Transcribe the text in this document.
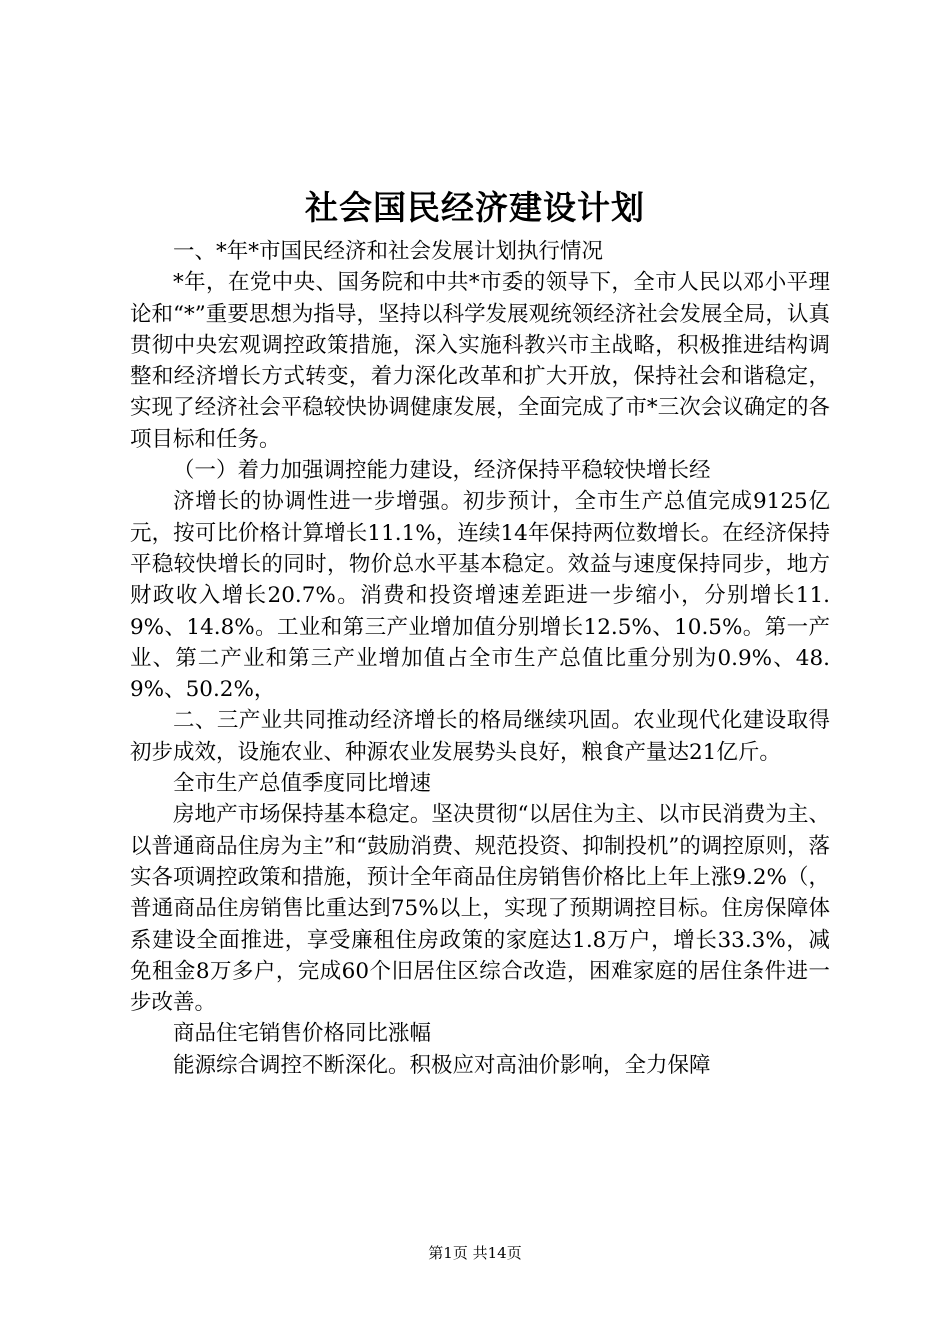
社会国民经济建设计划

一、*年*市国民经济和社会发展计划执行情况

*年，在党中央、国务院和中共*市委的领导下，全市人民以邓小平理论和“*”重要思想为指导，坚持以科学发展观统领经济社会发展全局，认真贯彻中央宏观调控政策措施，深入实施科教兴市主战略，积极推进结构调整和经济增长方式转变，着力深化改革和扩大开放，保持社会和谐稳定，实现了经济社会平稳较快协调健康发展，全面完成了市*三次会议确定的各项目标和任务。

（一）着力加强调控能力建设，经济保持平稳较快增长经

济增长的协调性进一步增强。初步预计，全市生产总值完成9125亿元，按可比价格计算增长11.1%，连续14年保持两位数增长。在经济保持平稳较快增长的同时，物价总水平基本稳定。效益与速度保持同步，地方财政收入增长20.7%。消费和投资增速差距进一步缩小，分别增长11.9%、14.8%。工业和第三产业增加值分别增长12.5%、10.5%。第一产业、第二产业和第三产业增加值占全市生产总值比重分别为0.9%、48.9%、50.2%，

二、三产业共同推动经济增长的格局继续巩固。农业现代化建设取得初步成效，设施农业、种源农业发展势头良好，粮食产量达21亿斤。

全市生产总值季度同比增速

房地产市场保持基本稳定。坚决贯彻“以居住为主、以市民消费为主、以普通商品住房为主”和“鼓励消费、规范投资、抑制投机”的调控原则，落实各项调控政策和措施，预计全年商品住房销售价格比上年上涨9.2%（，普通商品住房销售比重达到75%以上，实现了预期调控目标。住房保障体系建设全面推进，享受廉租住房政策的家庭达1.8万户，增长33.3%，减免租金8万多户，完成60个旧居住区综合改造，困难家庭的居住条件进一步改善。

商品住宅销售价格同比涨幅

能源综合调控不断深化。积极应对高油价影响，全力保障

第1页 共14页
